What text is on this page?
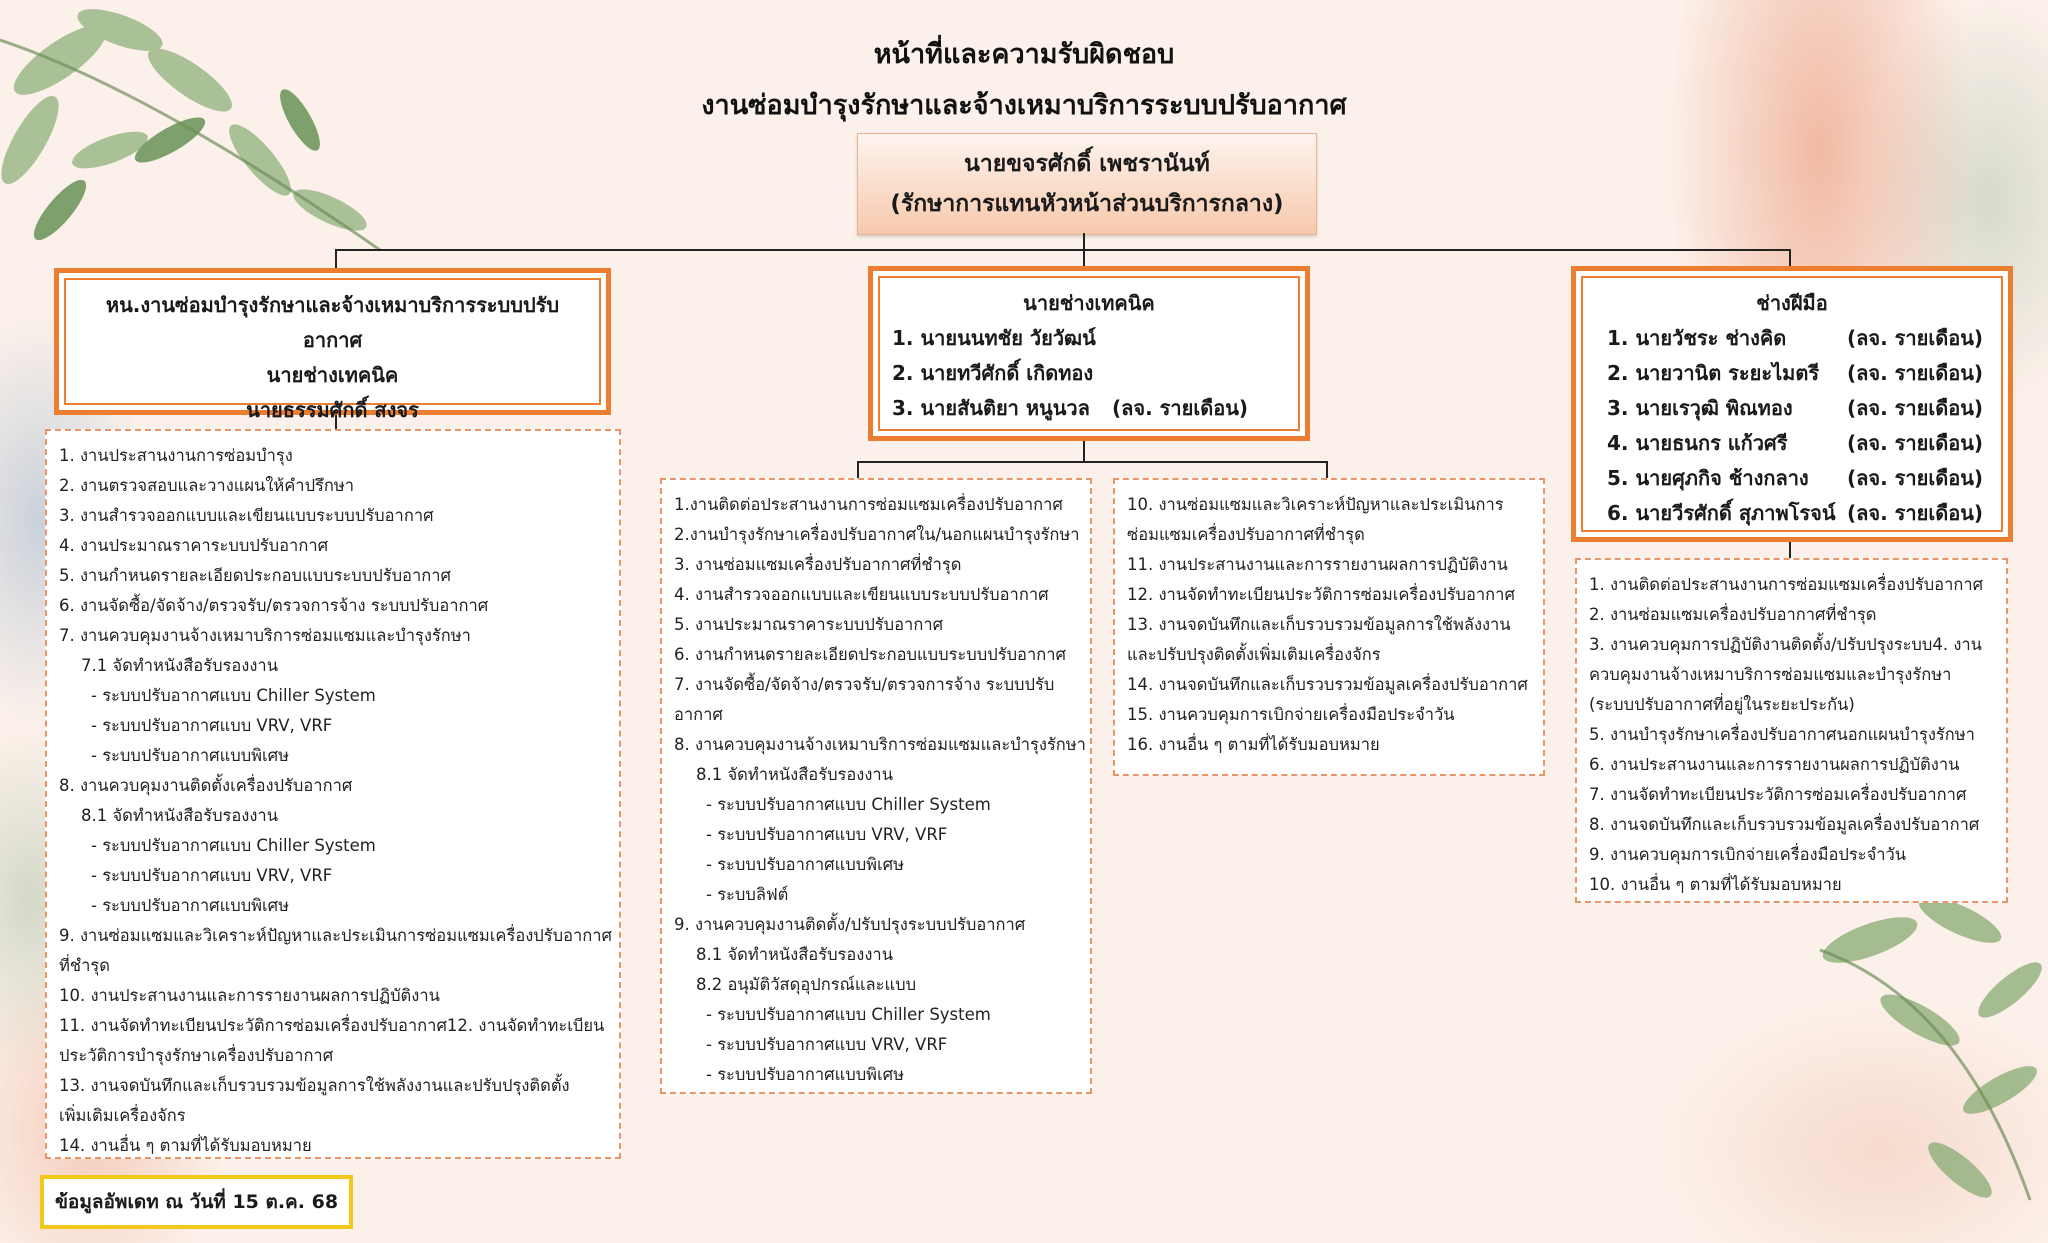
หน้าที่และความรับผิดชอบ
งานซ่อมบำรุงรักษาและจ้างเหมาบริการระบบปรับอากาศ
นายขจรศักดิ์ เพชรานันท์
(รักษาการแทนหัวหน้าส่วนบริการกลาง)
หน.งานซ่อมบำรุงรักษาและจ้างเหมาบริการระบบปรับอากาศ
นายช่างเทคนิค
นายธรรมศักดิ์ สงจร
นายช่างเทคนิค
1. นายนนทชัย วัยวัฒน์
2. นายทวีศักดิ์ เกิดทอง
3. นายสันติยา หนูนวล	(ลจ. รายเดือน)
ช่างฝีมือ
1. นายวัชระ ช่างคิด	(ลจ. รายเดือน)
2. นายวานิต ระยะไมตรี	(ลจ. รายเดือน)
3. นายเรวุฒิ พิณทอง	(ลจ. รายเดือน)
4. นายธนกร แก้วศรี	(ลจ. รายเดือน)
5. นายศุภกิจ ช้างกลาง	(ลจ. รายเดือน)
6. นายวีรศักดิ์ สุภาพโรจน์ (ลจ. รายเดือน)
1. งานประสานงานการซ่อมบำรุง
2. งานตรวจสอบและวางแผนให้คำปรึกษา
3. งานสำรวจออกแบบและเขียนแบบระบบปรับอากาศ
4. งานประมาณราคาระบบปรับอากาศ
5. งานกำหนดรายละเอียดประกอบแบบระบบปรับอากาศ
6. งานจัดซื้อ/จัดจ้าง/ตรวจรับ/ตรวจการจ้าง ระบบปรับอากาศ
7. งานควบคุมงานจ้างเหมาบริการซ่อมแซมและบำรุงรักษา
7.1 จัดทำหนังสือรับรองงาน
- ระบบปรับอากาศแบบ Chiller System
- ระบบปรับอากาศแบบ VRV, VRF
- ระบบปรับอากาศแบบพิเศษ
8. งานควบคุมงานติดตั้งเครื่องปรับอากาศ
8.1 จัดทำหนังสือรับรองงาน
- ระบบปรับอากาศแบบ Chiller System
- ระบบปรับอากาศแบบ VRV, VRF
- ระบบปรับอากาศแบบพิเศษ
9. งานซ่อมแซมและวิเคราะห์ปัญหาและประเมินการซ่อมแซมเครื่องปรับอากาศ
ที่ชำรุด
10. งานประสานงานและการรายงานผลการปฏิบัติงาน
11. งานจัดทำทะเบียนประวัติการซ่อมเครื่องปรับอากาศ12. งานจัดทำทะเบียน
ประวัติการบำรุงรักษาเครื่องปรับอากาศ
13. งานจดบันทึกและเก็บรวบรวมข้อมูลการใช้พลังงานและปรับปรุงติดตั้ง
เพิ่มเติมเครื่องจักร
14. งานอื่น ๆ ตามที่ได้รับมอบหมาย
1.งานติดต่อประสานงานการซ่อมแซมเครื่องปรับอากาศ
2.งานบำรุงรักษาเครื่องปรับอากาศใน/นอกแผนบำรุงรักษา
3. งานซ่อมแซมเครื่องปรับอากาศที่ชำรุด
4. งานสำรวจออกแบบและเขียนแบบระบบปรับอากาศ
5. งานประมาณราคาระบบปรับอากาศ
6. งานกำหนดรายละเอียดประกอบแบบระบบปรับอากาศ
7. งานจัดซื้อ/จัดจ้าง/ตรวจรับ/ตรวจการจ้าง ระบบปรับ
อากาศ
8. งานควบคุมงานจ้างเหมาบริการซ่อมแซมและบำรุงรักษา
8.1 จัดทำหนังสือรับรองงาน
- ระบบปรับอากาศแบบ Chiller System
- ระบบปรับอากาศแบบ VRV, VRF
- ระบบปรับอากาศแบบพิเศษ
- ระบบลิฟต์
9. งานควบคุมงานติดตั้ง/ปรับปรุงระบบปรับอากาศ
8.1 จัดทำหนังสือรับรองงาน
8.2 อนุมัติวัสดุอุปกรณ์และแบบ
- ระบบปรับอากาศแบบ Chiller System
- ระบบปรับอากาศแบบ VRV, VRF
- ระบบปรับอากาศแบบพิเศษ
10. งานซ่อมแซมและวิเคราะห์ปัญหาและประเมินการ
ซ่อมแซมเครื่องปรับอากาศที่ชำรุด
11. งานประสานงานและการรายงานผลการปฏิบัติงาน
12. งานจัดทำทะเบียนประวัติการซ่อมเครื่องปรับอากาศ
13. งานจดบันทึกและเก็บรวบรวมข้อมูลการใช้พลังงาน
และปรับปรุงติดตั้งเพิ่มเติมเครื่องจักร
14. งานจดบันทึกและเก็บรวบรวมข้อมูลเครื่องปรับอากาศ
15. งานควบคุมการเบิกจ่ายเครื่องมือประจำวัน
16. งานอื่น ๆ ตามที่ได้รับมอบหมาย
1. งานติดต่อประสานงานการซ่อมแซมเครื่องปรับอากาศ
2. งานซ่อมแซมเครื่องปรับอากาศที่ชำรุด
3. งานควบคุมการปฏิบัติงานติดตั้ง/ปรับปรุงระบบ4. งาน
ควบคุมงานจ้างเหมาบริการซ่อมแซมและบำรุงรักษา
(ระบบปรับอากาศที่อยู่ในระยะประกัน)
5. งานบำรุงรักษาเครื่องปรับอากาศนอกแผนบำรุงรักษา
6. งานประสานงานและการรายงานผลการปฏิบัติงาน
7. งานจัดทำทะเบียนประวัติการซ่อมเครื่องปรับอากาศ
8. งานจดบันทึกและเก็บรวบรวมข้อมูลเครื่องปรับอากาศ
9. งานควบคุมการเบิกจ่ายเครื่องมือประจำวัน
10. งานอื่น ๆ ตามที่ได้รับมอบหมาย
ข้อมูลอัพเดท ณ วันที่ 15 ต.ค. 68
